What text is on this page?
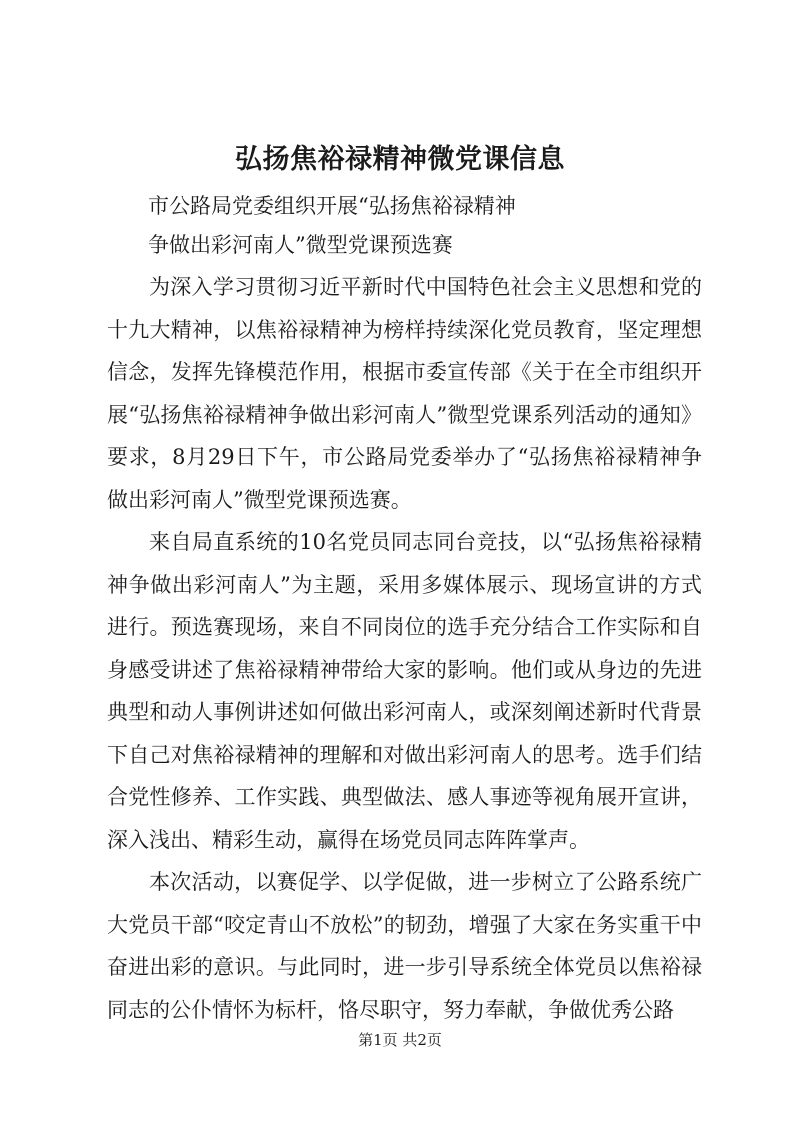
弘扬焦裕禄精神微党课信息
市公路局党委组织开展“弘扬焦裕禄精神
争做出彩河南人”微型党课预选赛

为深入学习贯彻习近平新时代中国特色社会主义思想和党的十九大精神，以焦裕禄精神为榜样持续深化党员教育，坚定理想信念，发挥先锋模范作用，根据市委宣传部《关于在全市组织开展“弘扬焦裕禄精神争做出彩河南人”微型党课系列活动的通知》要求，8月29日下午，市公路局党委举办了“弘扬焦裕禄精神争做出彩河南人”微型党课预选赛。

来自局直系统的10名党员同志同台竞技，以“弘扬焦裕禄精神争做出彩河南人”为主题，采用多媒体展示、现场宣讲的方式进行。预选赛现场，来自不同岗位的选手充分结合工作实际和自身感受讲述了焦裕禄精神带给大家的影响。他们或从身边的先进典型和动人事例讲述如何做出彩河南人，或深刻阐述新时代背景下自己对焦裕禄精神的理解和对做出彩河南人的思考。选手们结合党性修养、工作实践、典型做法、感人事迹等视角展开宣讲，深入浅出、精彩生动，赢得在场党员同志阵阵掌声。

本次活动，以赛促学、以学促做，进一步树立了公路系统广大党员干部“咬定青山不放松”的韧劲，增强了大家在务实重干中奋进出彩的意识。与此同时，进一步引导系统全体党员以焦裕禄同志的公仆情怀为标杆，恪尽职守，努力奉献，争做优秀公路

第1页 共2页
